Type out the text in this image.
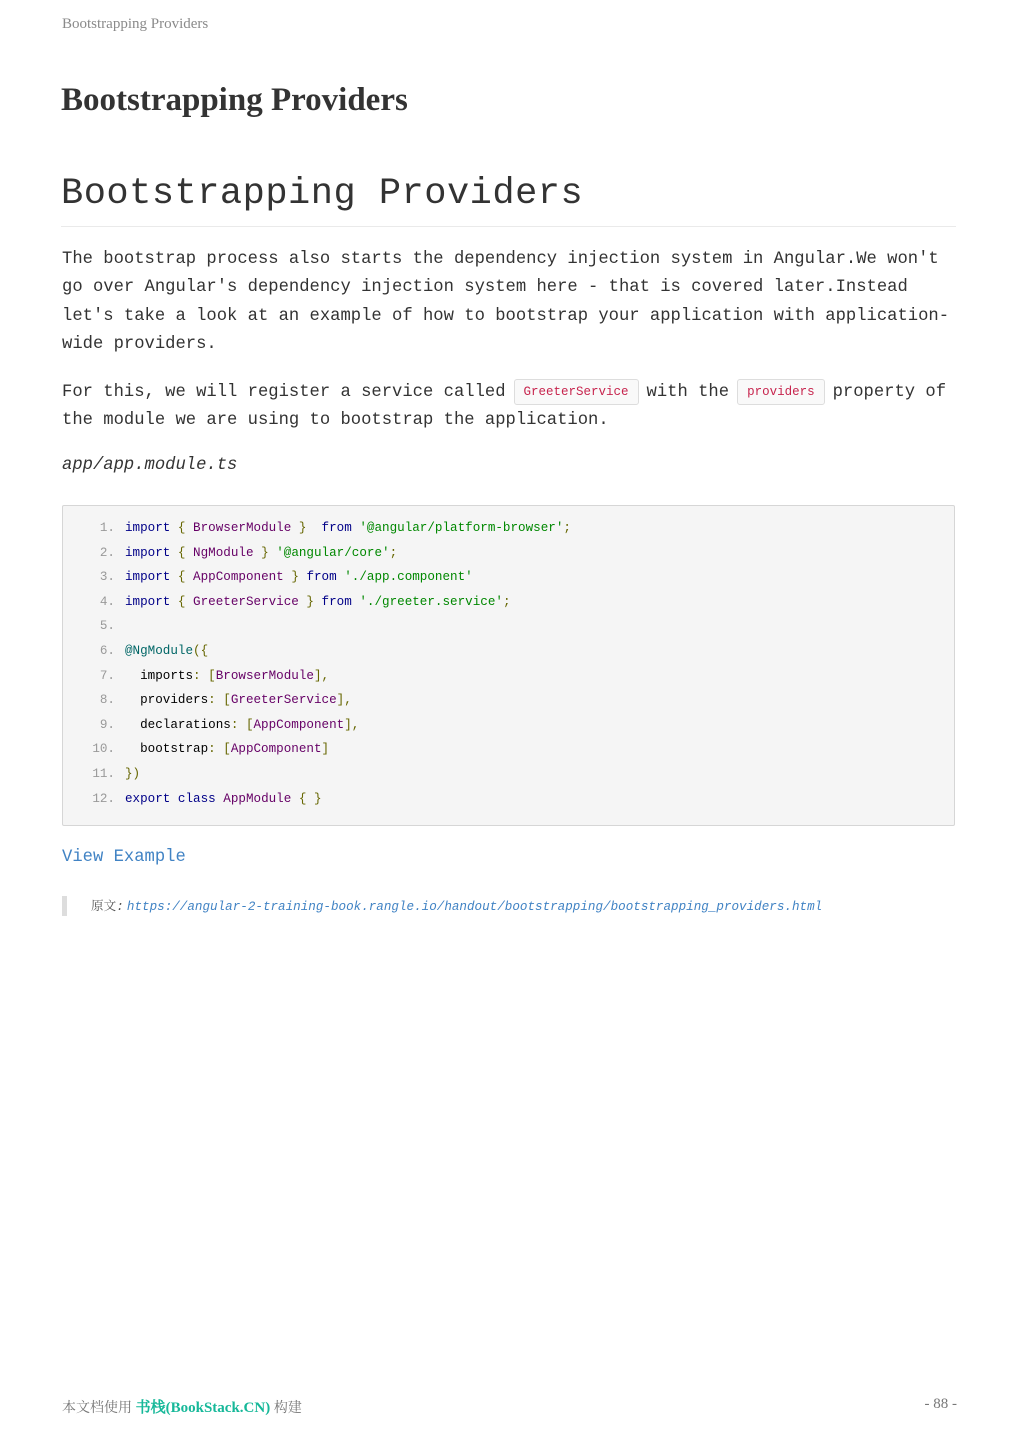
Bootstrapping Providers
Bootstrapping Providers
Bootstrapping Providers

The bootstrap process also starts the dependency injection system in Angular.We won't go over Angular's dependency injection system here - that is covered later.Instead let's take a look at an example of how to bootstrap your application with application-wide providers.

For this, we will register a service called GreeterService with the providers property of the module we are using to bootstrap the application.

app/app.module.ts

1. import { BrowserModule } from '@angular/platform-browser';
2. import { NgModule } '@angular/core';
3. import { AppComponent } from './app.component'
4. import { GreeterService } from './greeter.service';
5.
6. @NgModule({
7.  imports: [BrowserModule],
8.  providers: [GreeterService],
9.  declarations: [AppComponent],
10.  bootstrap: [AppComponent]
11. })
12. export class AppModule { }
View Example
原文: https://angular-2-training-book.rangle.io/handout/bootstrapping/bootstrapping_providers.html
本文档使用 书栈(BookStack.CN) 构建	- 88 -
